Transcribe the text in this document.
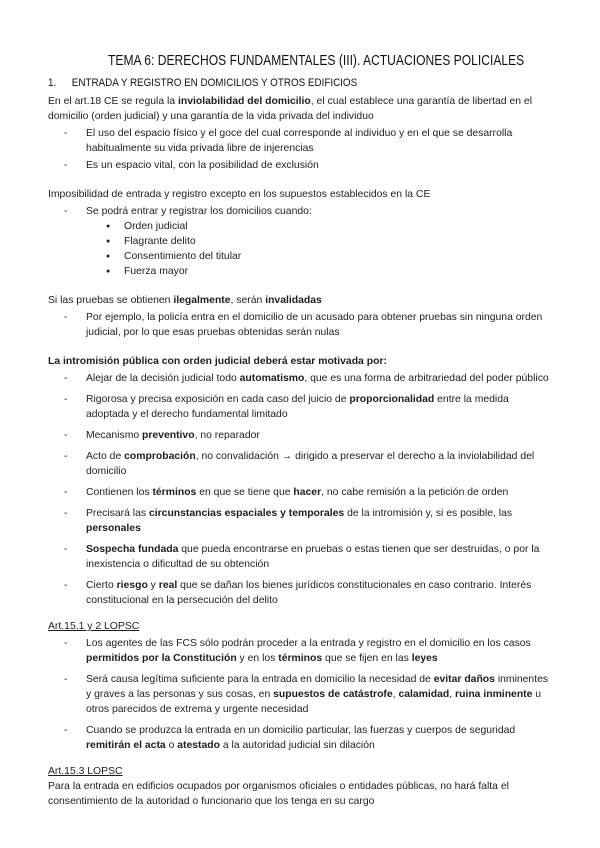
TEMA 6: DERECHOS FUNDAMENTALES (III). ACTUACIONES POLICIALES
1. ENTRADA Y REGISTRO EN DOMICILIOS Y OTROS EDIFICIOS

En el art.18 CE se regula la inviolabilidad del domicilio, el cual establece una garantía de libertad en el domicilio (orden judicial) y una garantía de la vida privada del individuo

- El uso del espacio físico y el goce del cual corresponde al individuo y en el que se desarrolla habitualmente su vida privada libre de injerencias
- Es un espacio vital, con la posibilidad de exclusión

Imposibilidad de entrada y registro excepto en los supuestos establecidos en la CE

- Se podrá entrar y registrar los domicilios cuando:
● Orden judicial
● Flagrante delito
● Consentimiento del titular
● Fuerza mayor

Si las pruebas se obtienen ilegalmente, serán invalidadas

- Por ejemplo, la policía entra en el domicilio de un acusado para obtener pruebas sin ninguna orden judicial, por lo que esas pruebas obtenidas serán nulas

La intromisión pública con orden judicial deberá estar motivada por:

- Alejar de la decisión judicial todo automatismo, que es una forma de arbitrariedad del poder público
- Rigorosa y precisa exposición en cada caso del juicio de proporcionalidad entre la medida adoptada y el derecho fundamental limitado
- Mecanismo preventivo, no reparador
- Acto de comprobación, no convalidación → dirigido a preservar el derecho a la inviolabilidad del domicilio
- Contienen los términos en que se tiene que hacer, no cabe remisión a la petición de orden
- Precisará las circunstancias espaciales y temporales de la intromisión y, si es posible, las personales
- Sospecha fundada que pueda encontrarse en pruebas o estas tienen que ser destruidas, o por la inexistencia o dificultad de su obtención
- Cierto riesgo y real que se dañan los bienes jurídicos constitucionales en caso contrario. Interés constitucional en la persecución del delito

Art.15.1 y 2 LOPSC

- Los agentes de las FCS sólo podrán proceder a la entrada y registro en el domicilio en los casos permitidos por la Constitución y en los términos que se fijen en las leyes
- Será causa legítima suficiente para la entrada en domicilio la necesidad de evitar daños inminentes y graves a las personas y sus cosas, en supuestos de catástrofe, calamidad, ruina inminente u otros parecidos de extrema y urgente necesidad
- Cuando se produzca la entrada en un domicilio particular, las fuerzas y cuerpos de seguridad remitirán el acta o atestado a la autoridad judicial sin dilación

Art.15.3 LOPSC

Para la entrada en edificios ocupados por organismos oficiales o entidades públicas, no hará falta el consentimiento de la autoridad o funcionario que los tenga en su cargo
